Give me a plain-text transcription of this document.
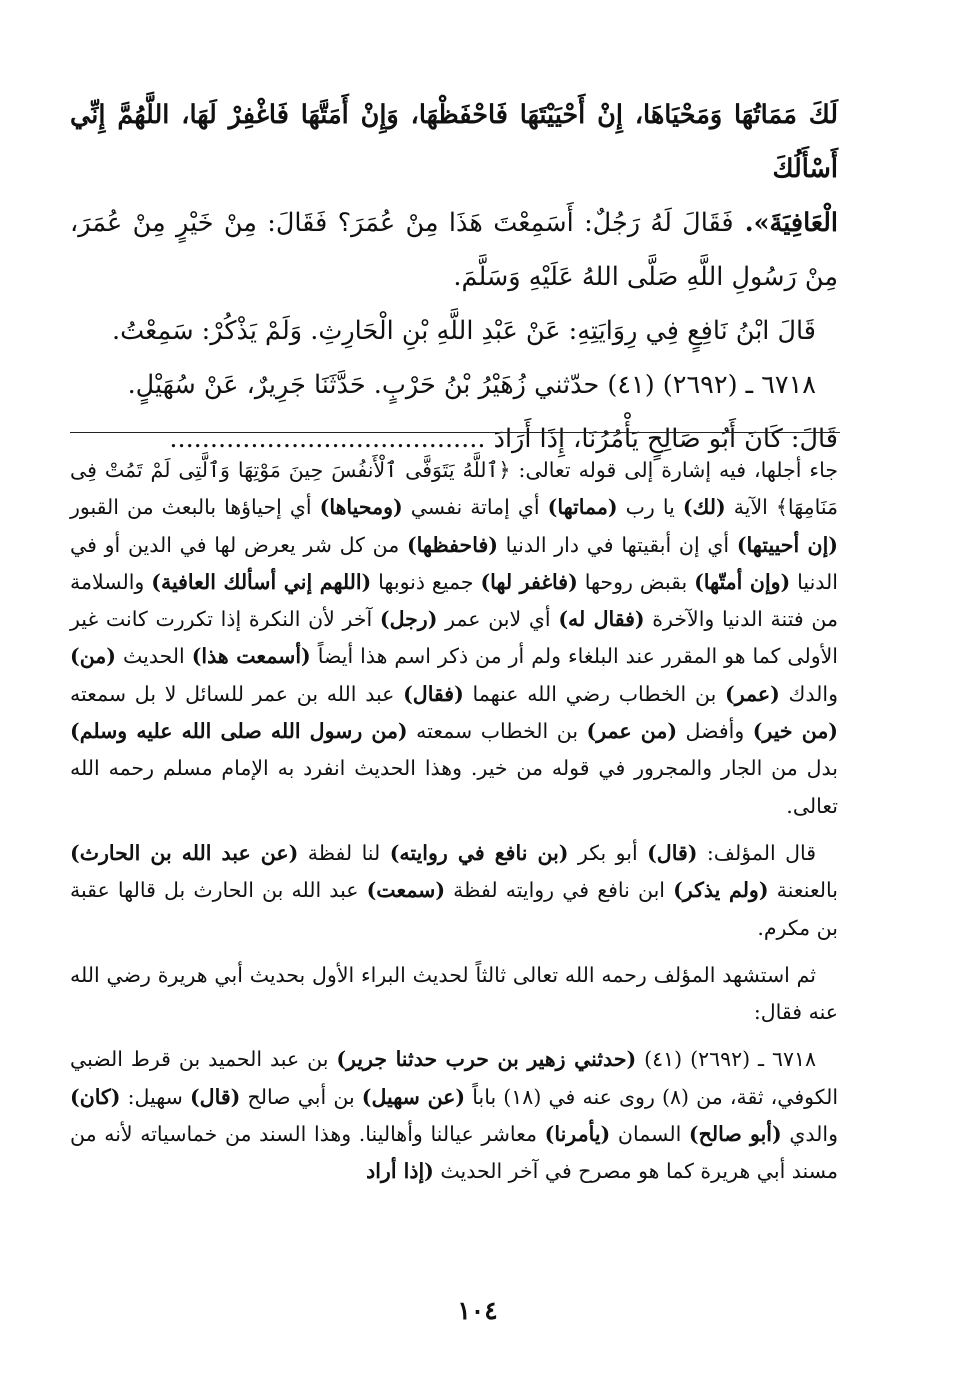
لَكَ مَمَاتُهَا وَمَحْيَاهَا، إِنْ أَحْيَيْتَهَا فَاحْفَظْهَا، وَإِنْ أَمَتَّهَا فَاغْفِرْ لَهَا، اللَّهُمَّ إِنِّي أَسْأَلُكَ

الْعَافِيَةَ». فَقَالَ لَهُ رَجُلٌ: أَسَمِعْتَ هَذَا مِنْ عُمَرَ؟ فَقَالَ: مِنْ خَيْرٍ مِنْ عُمَرَ، مِنْ رَسُولِ اللَّهِ صَلَّى اللهُ عَلَيْهِ وَسَلَّمَ.

قَالَ ابْنُ نَافِعٍ فِي رِوَايَتِهِ: عَنْ عَبْدِ اللَّهِ بْنِ الْحَارِثِ. وَلَمْ يَذْكُرْ: سَمِعْتُ.

٦٧١٨ ـ (٢٦٩٢) (٤١) حدّثني زُهَيْرُ بْنُ حَرْبٍ. حَدَّثَنَا جَرِيرٌ، عَنْ سُهَيْلٍ.

قَالَ: كَانَ أَبُو صَالِحٍ يَأْمُرُنَا، إِذَا أَرَادَ .......................................

جاء أجلها، فيه إشارة إلى قوله تعالى: ﴿ٱللَّهُ يَتَوَفَّى ٱلْأَنفُسَ حِينَ مَوْتِهَا وَٱلَّتِى لَمْ تَمُتْ فِى مَنَامِهَا﴾ الآية (لك) يا رب (مماتها) أي إماتة نفسي (ومحياها) أي إحياؤها بالبعث من القبور (إن أحييتها) أي إن أبقيتها في دار الدنيا (فاحفظها) من كل شر يعرض لها في الدين أو في الدنيا (وإن أمتّها) بقبض روحها (فاغفر لها) جميع ذنوبها (اللهم إني أسألك العافية) والسلامة من فتنة الدنيا والآخرة (فقال له) أي لابن عمر (رجل) آخر لأن النكرة إذا تكررت كانت غير الأولى كما هو المقرر عند البلغاء ولم أر من ذكر اسم هذا أيضاً (أسمعت هذا) الحديث (من) والدك (عمر) بن الخطاب رضي الله عنهما (فقال) عبد الله بن عمر للسائل لا بل سمعته (من خير) وأفضل (من عمر) بن الخطاب سمعته (من رسول الله صلى الله عليه وسلم) بدل من الجار والمجرور في قوله من خير. وهذا الحديث انفرد به الإمام مسلم رحمه الله تعالى.

قال المؤلف: (قال) أبو بكر (بن نافع في روايته) لنا لفظة (عن عبد الله بن الحارث) بالعنعنة (ولم يذكر) ابن نافع في روايته لفظة (سمعت) عبد الله بن الحارث بل قالها عقبة بن مكرم.

ثم استشهد المؤلف رحمه الله تعالى ثالثاً لحديث البراء الأول بحديث أبي هريرة رضي الله عنه فقال:

٦٧١٨ ـ (٢٦٩٢) (٤١) (حدثني زهير بن حرب حدثنا جرير) بن عبد الحميد بن قرط الضبي الكوفي، ثقة، من (٨) روى عنه في (١٨) باباً (عن سهيل) بن أبي صالح (قال) سهيل: (كان) والدي (أبو صالح) السمان (يأمرنا) معاشر عيالنا وأهالينا. وهذا السند من خماسياته لأنه من مسند أبي هريرة كما هو مصرح في آخر الحديث (إذا أراد

١٠٤
